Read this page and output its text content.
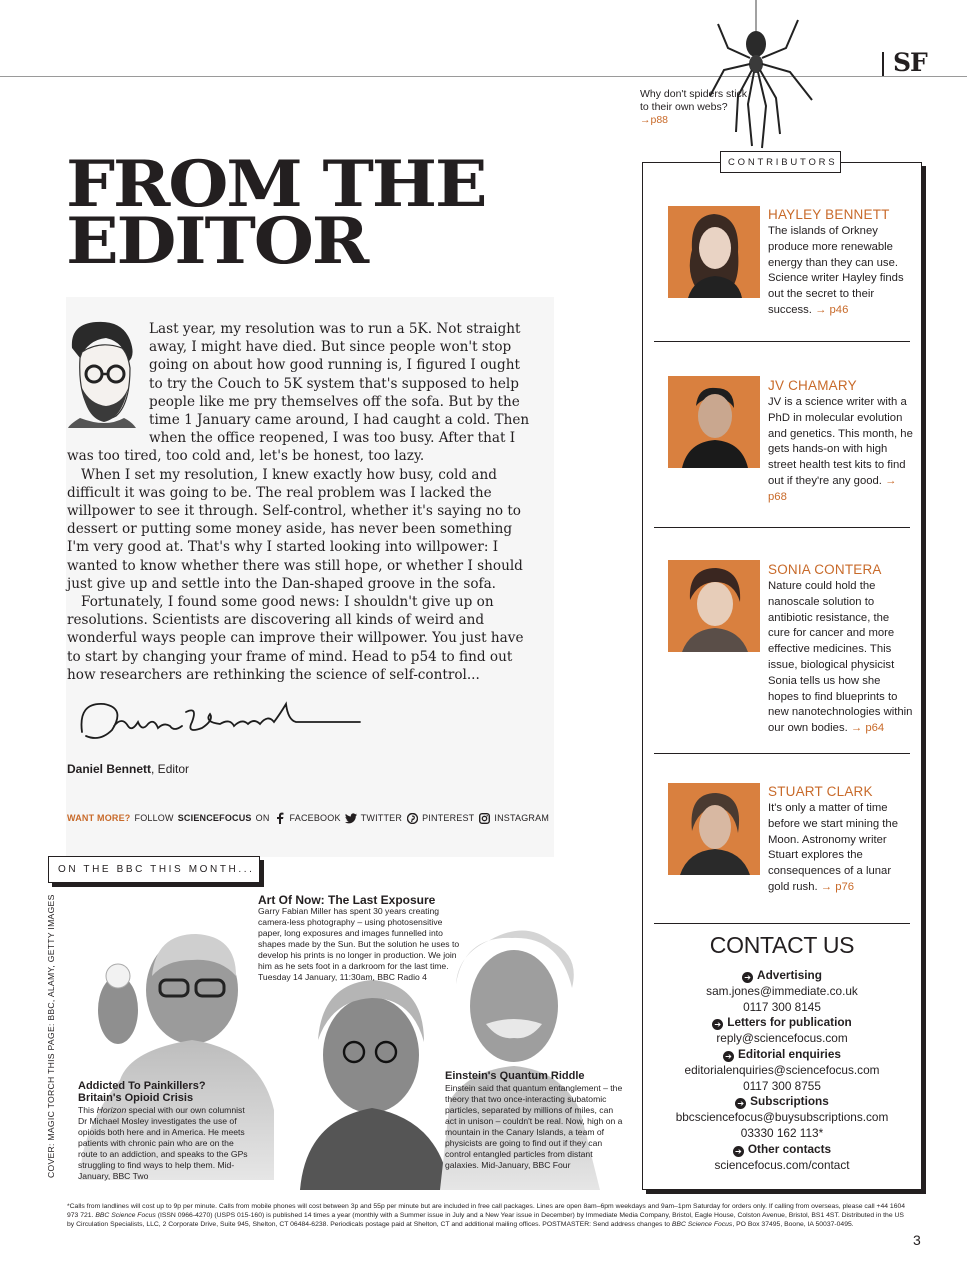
SF
Why don't spiders stick to their own webs? →p88
FROM THE
EDITOR

Last year, my resolution was to run a 5K. Not straight away, I might have died. But since people won't stop going on about how good running is, I figured I ought to try the Couch to 5K system that's supposed to help people like me pry themselves off the sofa. But by the time 1 January came around, I had caught a cold. Then when the office reopened, I was too busy. After that I was too tired, too cold and, let's be honest, too lazy.

When I set my resolution, I knew exactly how busy, cold and difficult it was going to be. The real problem was I lacked the willpower to see it through. Self-control, whether it's saying no to dessert or putting some money aside, has never been something I'm very good at. That's why I started looking into willpower: I wanted to know whether there was still hope, or whether I should just give up and settle into the Dan-shaped groove in the sofa.

Fortunately, I found some good news: I shouldn't give up on resolutions. Scientists are discovering all kinds of weird and wonderful ways people can improve their willpower. You just have to start by changing your frame of mind. Head to p54 to find out how researchers are rethinking the science of self-control...

Daniel Bennett, Editor
WANT MORE? FOLLOW SCIENCEFOCUS ON FACEBOOK TWITTER PINTEREST INSTAGRAM
ON THE BBC THIS MONTH...
Art Of Now: The Last Exposure
Garry Fabian Miller has spent 30 years creating camera-less photography – using photosensitive paper, long exposures and images funnelled into shapes made by the Sun. But the solution he uses to develop his prints is no longer in production. We join him as he sets foot in a darkroom for the last time. Tuesday 14 January, 11:30am, BBC Radio 4
Addicted To Painkillers?
Britain's Opioid Crisis
This Horizon special with our own columnist Dr Michael Mosley investigates the use of opioids both here and in America. He meets patients with chronic pain who are on the route to an addiction, and speaks to the GPs struggling to find ways to help them. Mid-January, BBC Two
Einstein's Quantum Riddle
Einstein said that quantum entanglement – the theory that two once-interacting subatomic particles, separated by millions of miles, can act in unison – couldn't be real. Now, high on a mountain in the Canary Islands, a team of physicists are going to find out if they can control entangled particles from distant galaxies. Mid-January, BBC Four
COVER: MAGIC TORCH THIS PAGE: BBC, ALAMY, GETTY IMAGES
CONTRIBUTORS
HAYLEY BENNETT
The islands of Orkney produce more renewable energy than they can use. Science writer Hayley finds out the secret to their success. → p46
JV CHAMARY
JV is a science writer with a PhD in molecular evolution and genetics. This month, he gets hands-on with high street health test kits to find out if they're any good. → p68
SONIA CONTERA
Nature could hold the nanoscale solution to antibiotic resistance, the cure for cancer and more effective medicines. This issue, biological physicist Sonia tells us how she hopes to find blueprints to new nanotechnologies within our own bodies. → p64
STUART CLARK
It's only a matter of time before we start mining the Moon. Astronomy writer Stuart explores the consequences of a lunar gold rush. → p76
CONTACT US
➔ Advertising
sam.jones@immediate.co.uk
0117 300 8145
➔ Letters for publication
reply@sciencefocus.com
➔ Editorial enquiries
editorialenquiries@sciencefocus.com
0117 300 8755
➔ Subscriptions
bbcsciencefocus@buysubscriptions.com
03330 162 113*
➔ Other contacts
sciencefocus.com/contact
*Calls from landlines will cost up to 9p per minute. Calls from mobile phones will cost between 3p and 55p per minute but are included in free call packages. Lines are open 8am–6pm weekdays and 9am–1pm Saturday for orders only. If calling from overseas, please call +44 1604 973 721. BBC Science Focus (ISSN 0966-4270) (USPS 015-160) is published 14 times a year (monthly with a Summer issue in July and a New Year issue in December) by Immediate Media Company, Bristol, Eagle House, Colston Avenue, Bristol, BS1 4ST. Distributed in the US by Circulation Specialists, LLC, 2 Corporate Drive, Suite 945, Shelton, CT 06484-6238. Periodicals postage paid at Shelton, CT and additional mailing offices. POSTMASTER: Send address changes to BBC Science Focus, PO Box 37495, Boone, IA 50037-0495.
3
